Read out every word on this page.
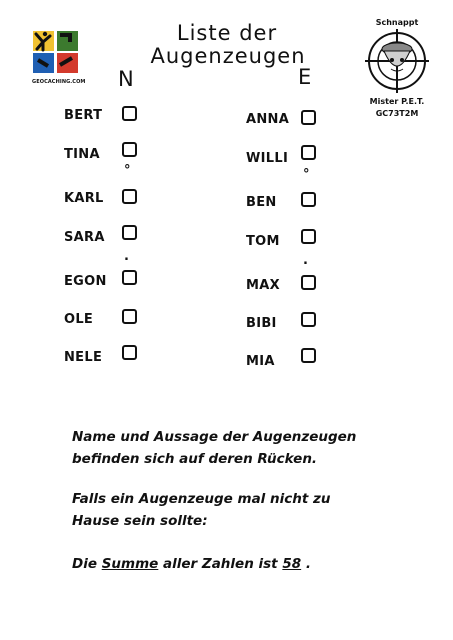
GEOCACHING.COM
Liste der
Augenzeugen
N	E
Schnappt
Mister P.E.T.
GC73T2M
BERT
TINA
KARL
SARA
EGON
OLE
NELE
°
.
ANNA
WILLI
BEN
TOM
MAX
BIBI
MIA
°
.
Name und Aussage der Augenzeugen
befinden sich auf deren Rücken.
Falls ein Augenzeuge mal nicht zu
Hause sein sollte:
Die Summe aller Zahlen ist 58 .
